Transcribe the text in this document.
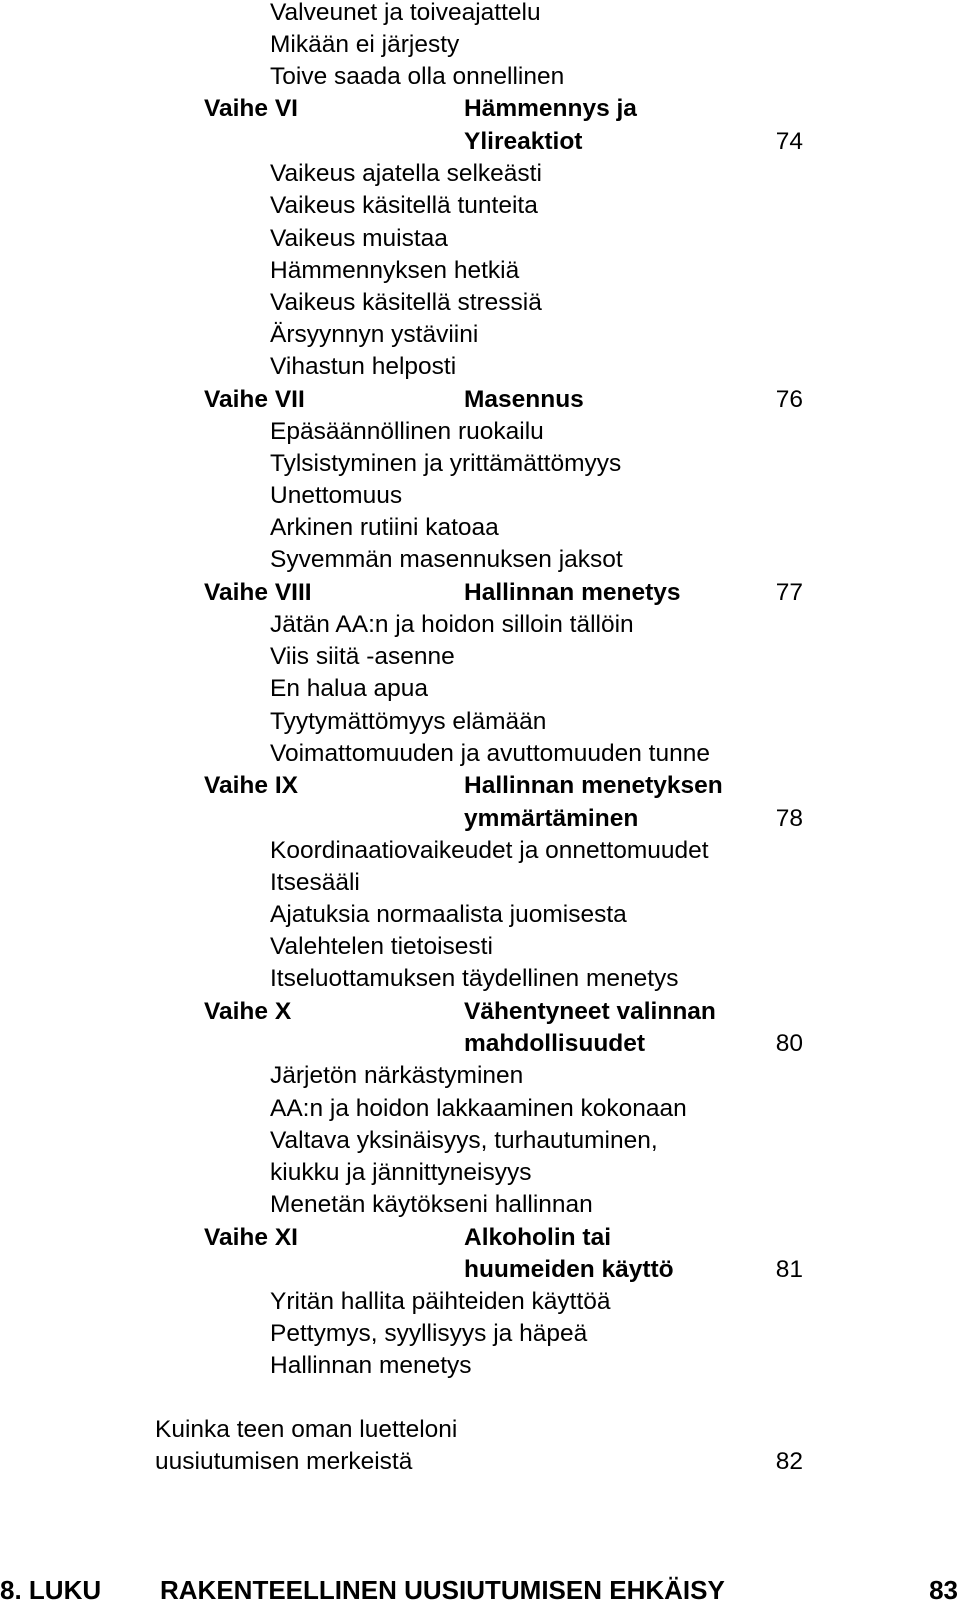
Valveunet ja toiveajattelu
Mikään ei järjesty
Toive saada olla onnellinen
Vaihe VI	Hämmennys ja
Ylireaktiot	74
Vaikeus ajatella selkeästi
Vaikeus käsitellä tunteita
Vaikeus muistaa
Hämmennyksen hetkiä
Vaikeus käsitellä stressiä
Ärsyynnyn ystäviini
Vihastun helposti
Vaihe VII	Masennus	76
Epäsäännöllinen ruokailu
Tylsistyminen ja yrittämättömyys
Unettomuus
Arkinen rutiini katoaa
Syvemmän masennuksen jaksot
Vaihe VIII	Hallinnan menetys	77
Jätän AA:n ja hoidon silloin tällöin
Viis siitä -asenne
En halua apua
Tyytymättömyys elämään
Voimattomuuden ja avuttomuuden tunne
Vaihe IX	Hallinnan menetyksen
ymmärtäminen	78
Koordinaatiovaikeudet ja onnettomuudet
Itsesääli
Ajatuksia normaalista juomisesta
Valehtelen tietoisesti
Itseluottamuksen täydellinen menetys
Vaihe X	Vähentyneet valinnan
mahdollisuudet	80
Järjetön närkästyminen
AA:n ja hoidon lakkaaminen kokonaan
Valtava yksinäisyys, turhautuminen,
kiukku ja jännittyneisyys
Menetän käytökseni hallinnan
Vaihe XI	Alkoholin tai
huumeiden käyttö	81
Yritän hallita päihteiden käyttöä
Pettymys, syyllisyys ja häpeä
Hallinnan menetys
Kuinka teen oman luetteloni
uusiutumisen merkeistä	82
8. LUKU RAKENTEELLINEN UUSIUTUMISEN EHKÄISY	83
